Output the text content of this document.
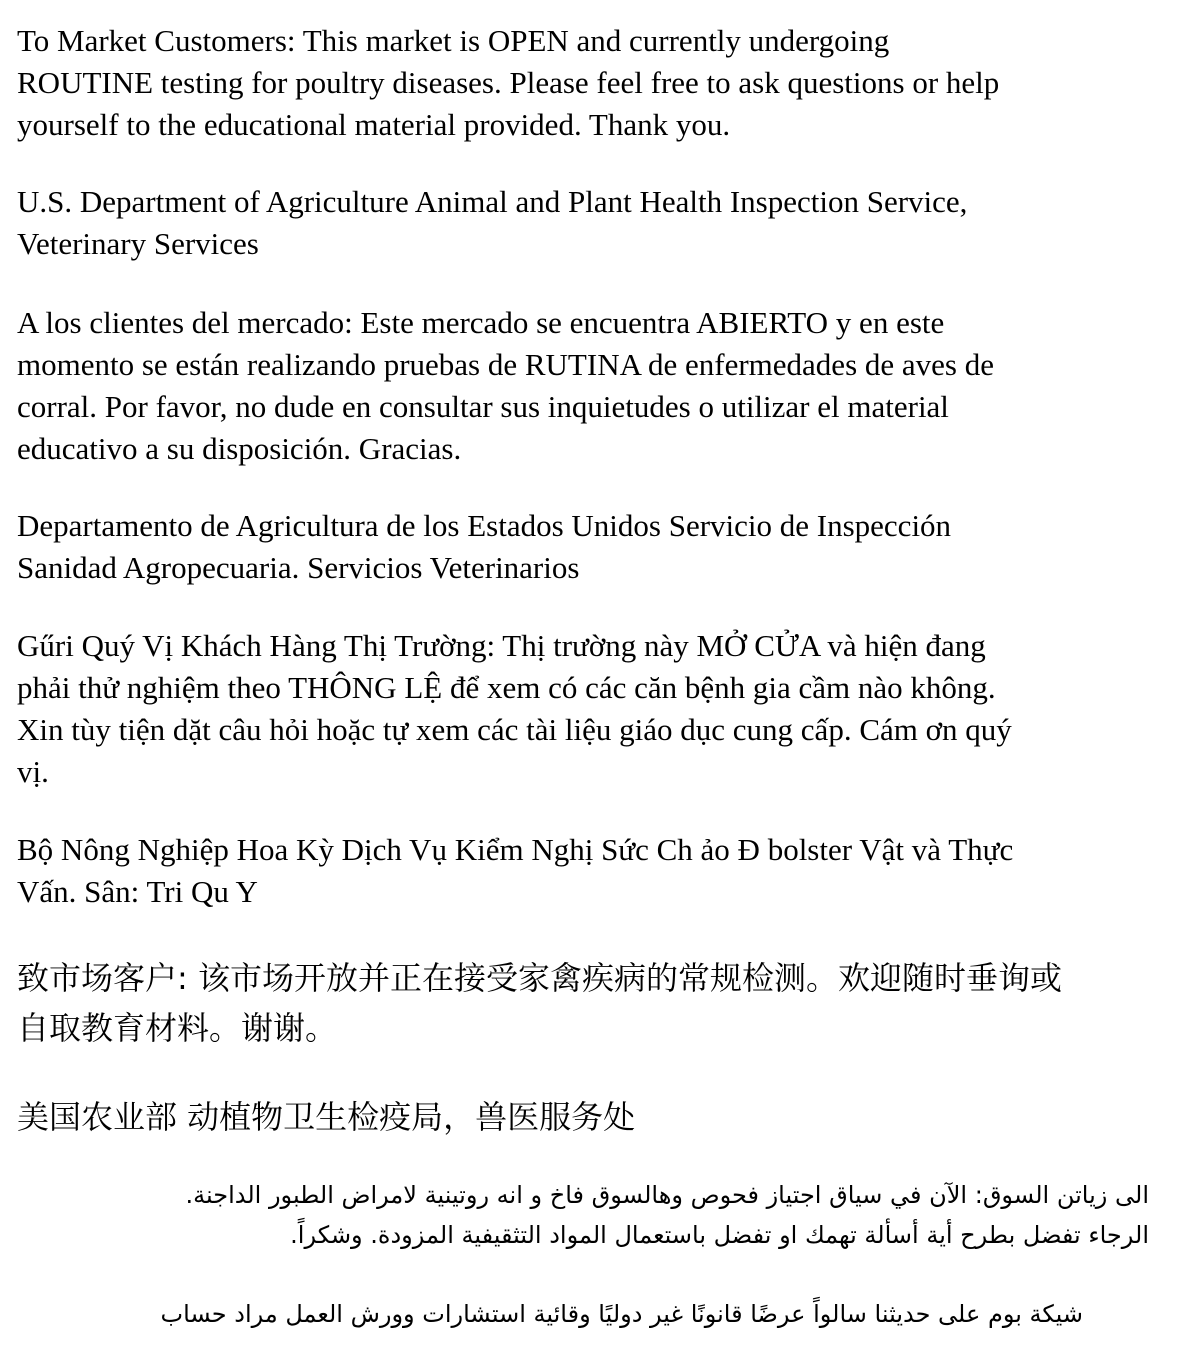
To Market Customers: This market is OPEN and currently undergoing
ROUTINE testing for poultry diseases. Please feel free to ask questions or help
yourself to the educational material provided. Thank you.

U.S. Department of Agriculture Animal and Plant Health Inspection Service,
Veterinary Services

A los clientes del mercado: Este mercado se encuentra ABIERTO y en este
momento se están realizando pruebas de RUTINA de enfermedades de aves de
corral. Por favor, no dude en consultar sus inquietudes o utilizar el material
educativo a su disposición. Gracias.

Departamento de Agricultura de los Estados Unidos Servicio de Inspección
Sanidad Agropecuaria. Servicios Veterinarios

Gűri Quý Vị Khách Hàng Thị Trường: Thị trường này MỞ CỬA và hiện đang
phải thử nghiệm theo THÔNG LỆ để xem có các căn bệnh gia cầm nào không.
Xin tùy tiện dặt câu hỏi hoặc tự xem các tài liệu giáo dục cung cấp. Cám ơn quý
vị.

Bộ Nông Nghiệp Hoa Kỳ Dịch Vụ Kiểm Nghị Sức Ch ảo Đ bolster Vật và Thực
Vấn. Sân: Tri Qu Y

致市场客户: 该市场开放并正在接受家禽疾病的常规检测。欢迎随时垂询或
自取教育材料。谢谢。

美国农业部 动植物卫生检疫局，兽医服务处

الى زياتن السوق: الآن في سياق اجتياز فحوص وهالسوق فاخ و انه روتينية لامراض الطبور الداجنة.
الرجاء تفضل بطرح أية أسألة تهمك او تفضل باستعمال المواد التثقيفية المزودة. وشكراً.

شيكة بوم على حديثنا سالواً عرضًا قانونًا غير دوليًا وقائية استشارات وورش العمل مراد حساب
